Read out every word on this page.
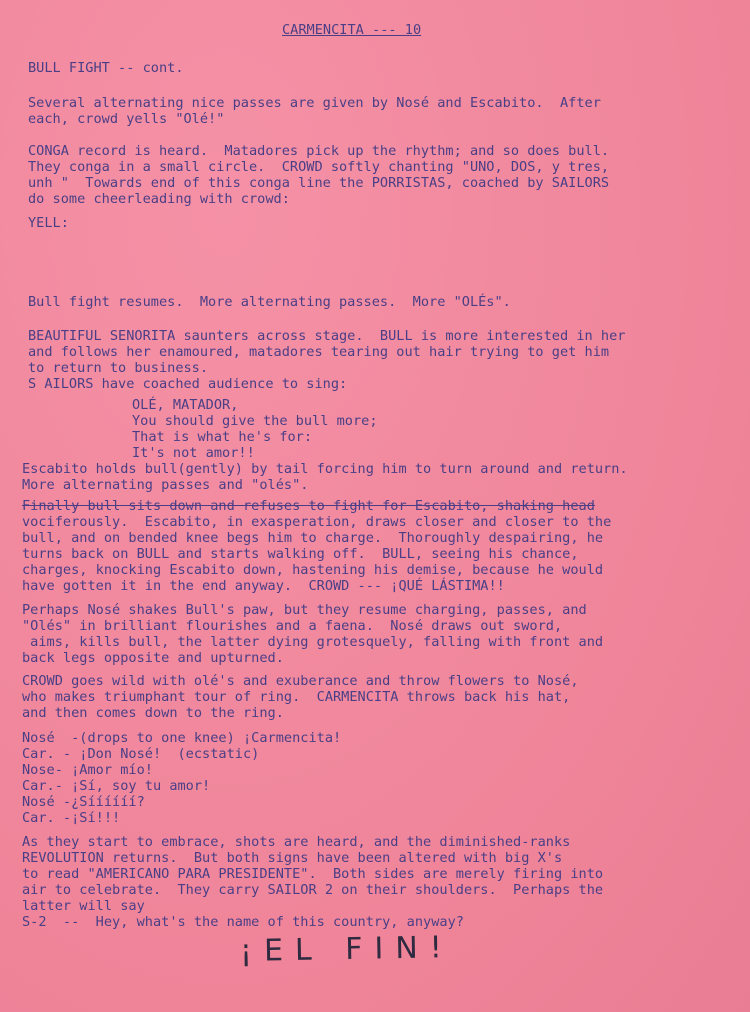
CARMENCITA --- 10
BULL FIGHT -- cont.
Several alternating nice passes are given by Nosé and Escabito.  After
each, crowd yells "Olé!"
CONGA record is heard.  Matadores pick up the rhythm; and so does bull.
They conga in a small circle.  CROWD softly chanting "UNO, DOS, y tres,
unh "  Towards end of this conga line the PORRISTAS, coached by SAILORS
do some cheerleading with crowd:
YELL:
Bull fight resumes.  More alternating passes.  More "OLÉs".
BEAUTIFUL SENORITA saunters across stage.  BULL is more interested in her
and follows her enamoured, matadores tearing out hair trying to get him
to return to business.
S AILORS have coached audience to sing:
OLÉ, MATADOR,
You should give the bull more;
That is what he's for:
It's not amor!!
Escabito holds bull(gently) by tail forcing him to turn around and return.
More alternating passes and "olés".
Finally bull sits down and refuses to fight for Escabito, shaking head
vociferously.  Escabito, in exasperation, draws closer and closer to the
bull, and on bended knee begs him to charge.  Thoroughly despairing, he
turns back on BULL and starts walking off.  BULL, seeing his chance,
charges, knocking Escabito down, hastening his demise, because he would
have gotten it in the end anyway.  CROWD --- ¡QUÉ LÁSTIMA!!
Perhaps Nosé shakes Bull's paw, but they resume charging, passes, and
"Olés" in brilliant flourishes and a faena.  Nosé draws out sword,
aims, kills bull, the latter dying grotesquely, falling with front and
back legs opposite and upturned.
CROWD goes wild with olé's and exuberance and throw flowers to Nosé,
who makes triumphant tour of ring.  CARMENCITA throws back his hat,
and then comes down to the ring.
Nosé  -(drops to one knee) ¡Carmencita!
Car. - ¡Don Nosé!  (ecstatic)
Nose- ¡Amor mío!
Car.- ¡Sí, soy tu amor!
Nosé -¿Síííííí?
Car. -¡Sí!!!
As they start to embrace, shots are heard, and the diminished-ranks
REVOLUTION returns.  But both signs have been altered with big X's
to read "AMERICANO PARA PRESIDENTE".  Both sides are merely firing into
air to celebrate.  They carry SAILOR 2 on their shoulders.  Perhaps the
latter will say
S-2  --  Hey, what's the name of this country, anyway?
¡EL FIN!
